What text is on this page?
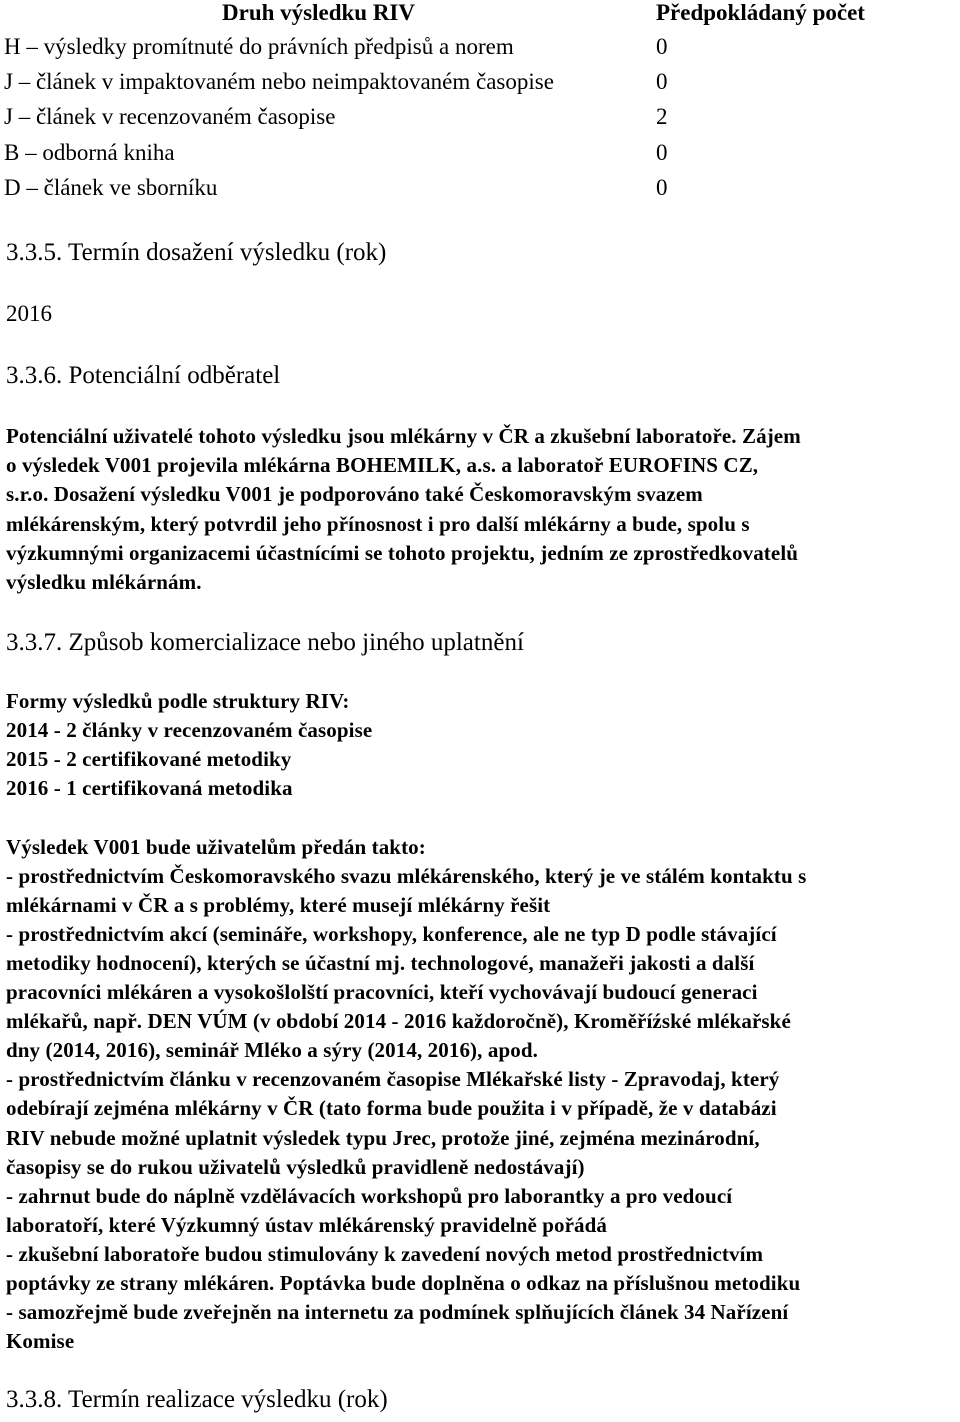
Druh výsledku RIV	Předpokládaný počet
H – výsledky promítnuté do právních předpisů a norem	0
J – článek v impaktovaném nebo neimpaktovaném časopise	0
J – článek v recenzovaném časopise	2
B – odborná kniha	0
D – článek ve sborníku	0
3.3.5. Termín dosažení výsledku (rok)
2016
3.3.6. Potenciální odběratel
Potenciální uživatelé tohoto výsledku jsou mlékárny v ČR a zkušební laboratoře. Zájem
o výsledek V001 projevila mlékárna BOHEMILK, a.s. a laboratoř EUROFINS CZ,
s.r.o. Dosažení výsledku V001 je podporováno také Českomoravským svazem
mlékárenským, který potvrdil jeho přínosnost i pro další mlékárny a bude, spolu s
výzkumnými organizacemi účastnícími se tohoto projektu, jedním ze zprostředkovatelů
výsledku mlékárnám.
3.3.7. Způsob komercializace nebo jiného uplatnění
Formy výsledků podle struktury RIV:
2014 - 2 články v recenzovaném časopise
2015 - 2 certifikované metodiky
2016 - 1 certifikovaná metodika
Výsledek V001 bude uživatelům předán takto:
- prostřednictvím Českomoravského svazu mlékárenského, který je ve stálém kontaktu s
mlékárnami v ČR a s problémy, které musejí mlékárny řešit
- prostřednictvím akcí (semináře, workshopy, konference, ale ne typ D podle stávající
metodiky hodnocení), kterých se účastní mj. technologové, manažeři jakosti a další
pracovníci mlékáren a vysokošlolští pracovníci, kteří vychovávají budoucí generaci
mlékařů, např. DEN VÚM (v období 2014 - 2016 každoročně), Kroměříźské mlékařské
dny (2014, 2016), seminář Mléko a sýry (2014, 2016), apod.
- prostřednictvím článku v recenzovaném časopise Mlékařské listy - Zpravodaj, který
odebírají zejména mlékárny v ČR (tato forma bude použita i v případě, že v databázi
RIV nebude možné uplatnit výsledek typu Jrec, protože jiné, zejména mezinárodní,
časopisy se do rukou uživatelů výsledků pravidleně nedostávají)
- zahrnut bude do náplně vzdělávacích workshopů pro laborantky a pro vedoucí
laboratoří, které Výzkumný ústav mlékárenský pravidelně pořádá
- zkušební laboratoře budou stimulovány k zavedení nových metod prostřednictvím
poptávky ze strany mlékáren. Poptávka bude doplněna o odkaz na příslušnou metodiku
- samozřejmě bude zveřejněn na internetu za podmínek splňujících článek 34 Nařízení
Komise
3.3.8. Termín realizace výsledku (rok)
